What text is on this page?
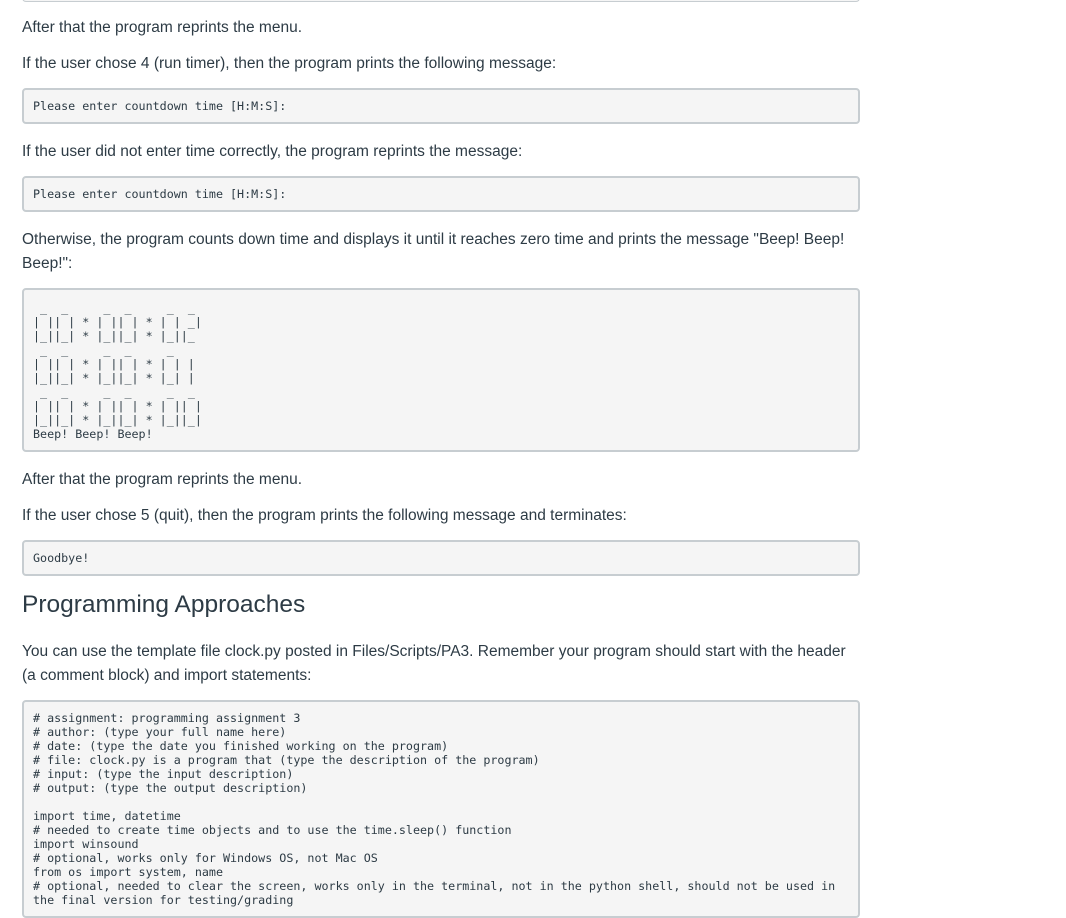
After that the program reprints the menu.

If the user chose 4 (run timer), then the program prints the following message:

Please enter countdown time [H:M:S]:

If the user did not enter time correctly, the program reprints the message:

Please enter countdown time [H:M:S]:

Otherwise, the program counts down time and displays it until it reaches zero time and prints the message "Beep! Beep! Beep!":

_  _     _  _     _  _
| || | * | || | * | | _|
|_||_| * |_||_| * |_||_
_  _     _  _     _
| || | * | || | * | | |
|_||_| * |_||_| * |_| |
_  _     _  _     _  _
| || | * | || | * | || |
|_||_| * |_||_| * |_||_|
Beep! Beep! Beep!

After that the program reprints the menu.

If the user chose 5 (quit), then the program prints the following message and terminates:

Goodbye!
Programming Approaches

You can use the template file clock.py posted in Files/Scripts/PA3. Remember your program should start with the header (a comment block) and import statements:

# assignment: programming assignment 3
# author: (type your full name here)
# date: (type the date you finished working on the program)
# file: clock.py is a program that (type the description of the program)
# input: (type the input description)
# output: (type the output description)

import time, datetime
# needed to create time objects and to use the time.sleep() function
import winsound
# optional, works only for Windows OS, not Mac OS
from os import system, name
# optional, needed to clear the screen, works only in the terminal, not in the python shell, should not be used in the final version for testing/grading
